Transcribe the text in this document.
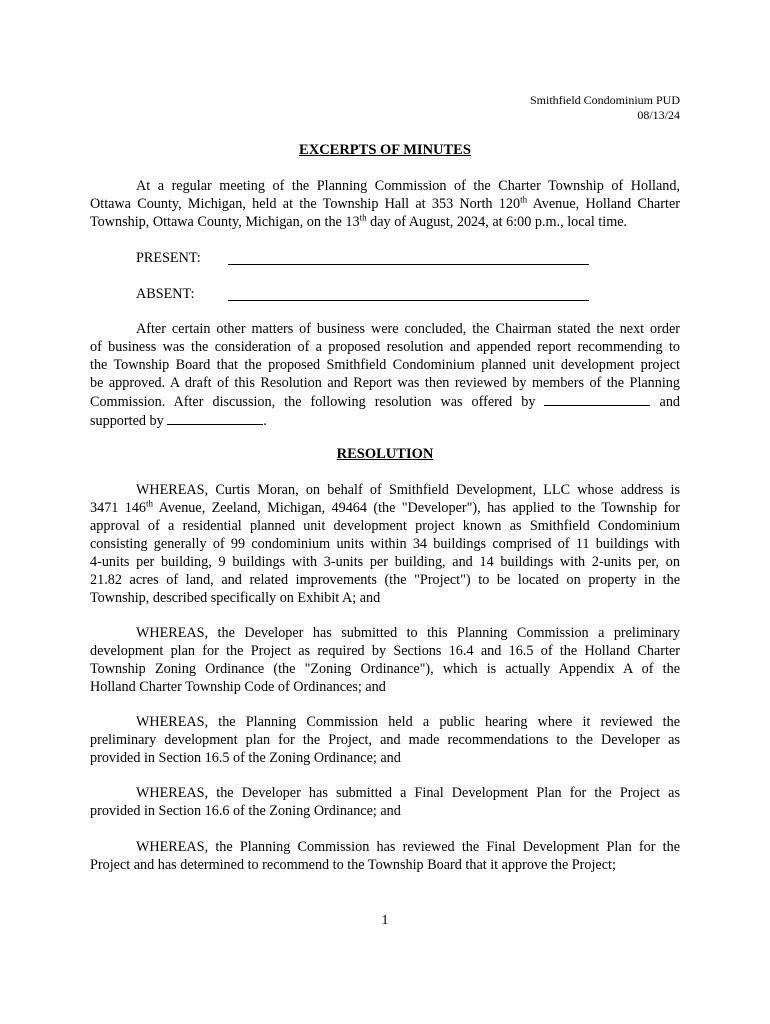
Smithfield Condominium PUD
08/13/24
EXCERPTS OF MINUTES
At a regular meeting of the Planning Commission of the Charter Township of Holland,
Ottawa County, Michigan, held at the Township Hall at 353 North 120th Avenue, Holland Charter
Township, Ottawa County, Michigan, on the 13th day of August, 2024, at 6:00 p.m., local time.
PRESENT:
ABSENT:
After certain other matters of business were concluded, the Chairman stated the next order
of business was the consideration of a proposed resolution and appended report recommending to
the Township Board that the proposed Smithfield Condominium planned unit development project
be approved. A draft of this Resolution and Report was then reviewed by members of the Planning
Commission. After discussion, the following resolution was offered by	and
supported by	.
RESOLUTION
WHEREAS, Curtis Moran, on behalf of Smithfield Development, LLC whose address is
3471 146th Avenue, Zeeland, Michigan, 49464 (the "Developer"), has applied to the Township for
approval of a residential planned unit development project known as Smithfield Condominium
consisting generally of 99 condominium units within 34 buildings comprised of 11 buildings with
4-units per building, 9 buildings with 3-units per building, and 14 buildings with 2-units per, on
21.82 acres of land, and related improvements (the "Project") to be located on property in the
Township, described specifically on Exhibit A; and
WHEREAS, the Developer has submitted to this Planning Commission a preliminary
development plan for the Project as required by Sections 16.4 and 16.5 of the Holland Charter
Township Zoning Ordinance (the "Zoning Ordinance"), which is actually Appendix A of the
Holland Charter Township Code of Ordinances; and
WHEREAS, the Planning Commission held a public hearing where it reviewed the
preliminary development plan for the Project, and made recommendations to the Developer as
provided in Section 16.5 of the Zoning Ordinance; and
WHEREAS, the Developer has submitted a Final Development Plan for the Project as
provided in Section 16.6 of the Zoning Ordinance; and
WHEREAS, the Planning Commission has reviewed the Final Development Plan for the
Project and has determined to recommend to the Township Board that it approve the Project;
1
